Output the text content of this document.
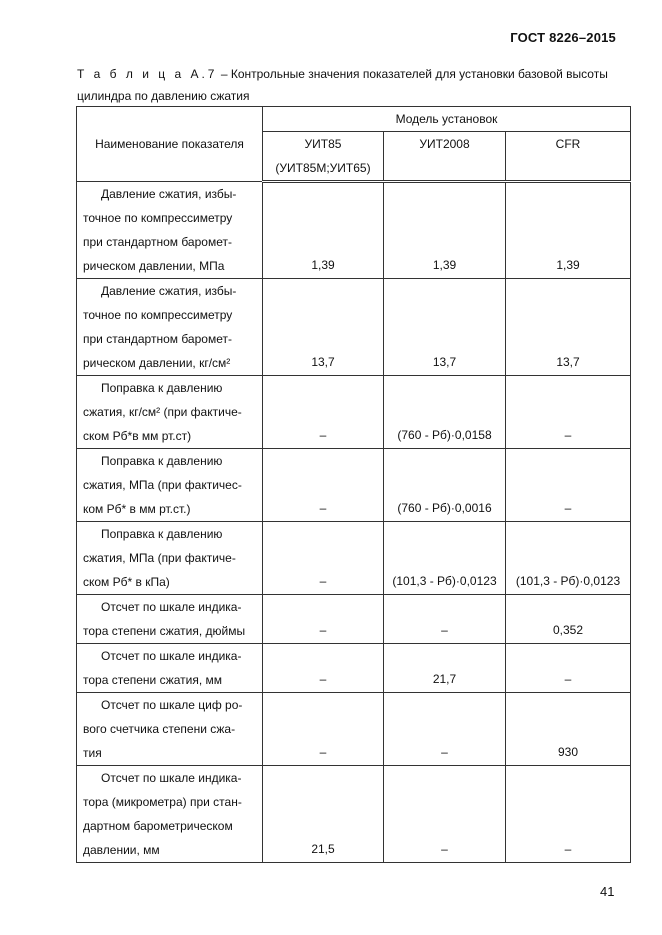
ГОСТ 8226–2015
Т а б л и ц а А.7 – Контрольные значения показателей для установки базовой высоты цилиндра по давлению сжатия
Наименование показателя	Модель установок		

	УИТ85
(УИТ85М;УИТ65)	УИТ2008	CFR

Давление сжатия, избы-
точное по компрессиметру
при стандартном баромет-
рическом давлении, МПа	1,39	1,39	1,39

Давление сжатия, избы-
точное по компрессиметру
при стандартном баромет-
рическом давлении, кг/см²	13,7	13,7	13,7

Поправка к давлению
сжатия, кг/см² (при фактиче-
ском Рб*в мм рт.ст)	–	(760 - Рб)·0,0158	–

Поправка к давлению
сжатия, МПа (при фактичес-
ком Рб* в мм рт.ст.)	–	(760 - Рб)·0,0016	–

Поправка к давлению
сжатия, МПа (при фактиче-
ском Рб* в кПа)	–	(101,3 - Рб)·0,0123	(101,3 - Рб)·0,0123

Отсчет по шкале индика-
тора степени сжатия, дюймы	–	–	0,352

Отсчет по шкале индика-
тора степени сжатия, мм	–	21,7	–

Отсчет по шкале циф ро-
вого счетчика степени сжа-
тия	–	–	930

Отсчет по шкале индика-
тора (микрометра) при стан-
дартном барометрическом
давлении, мм	21,5	–	–
41
